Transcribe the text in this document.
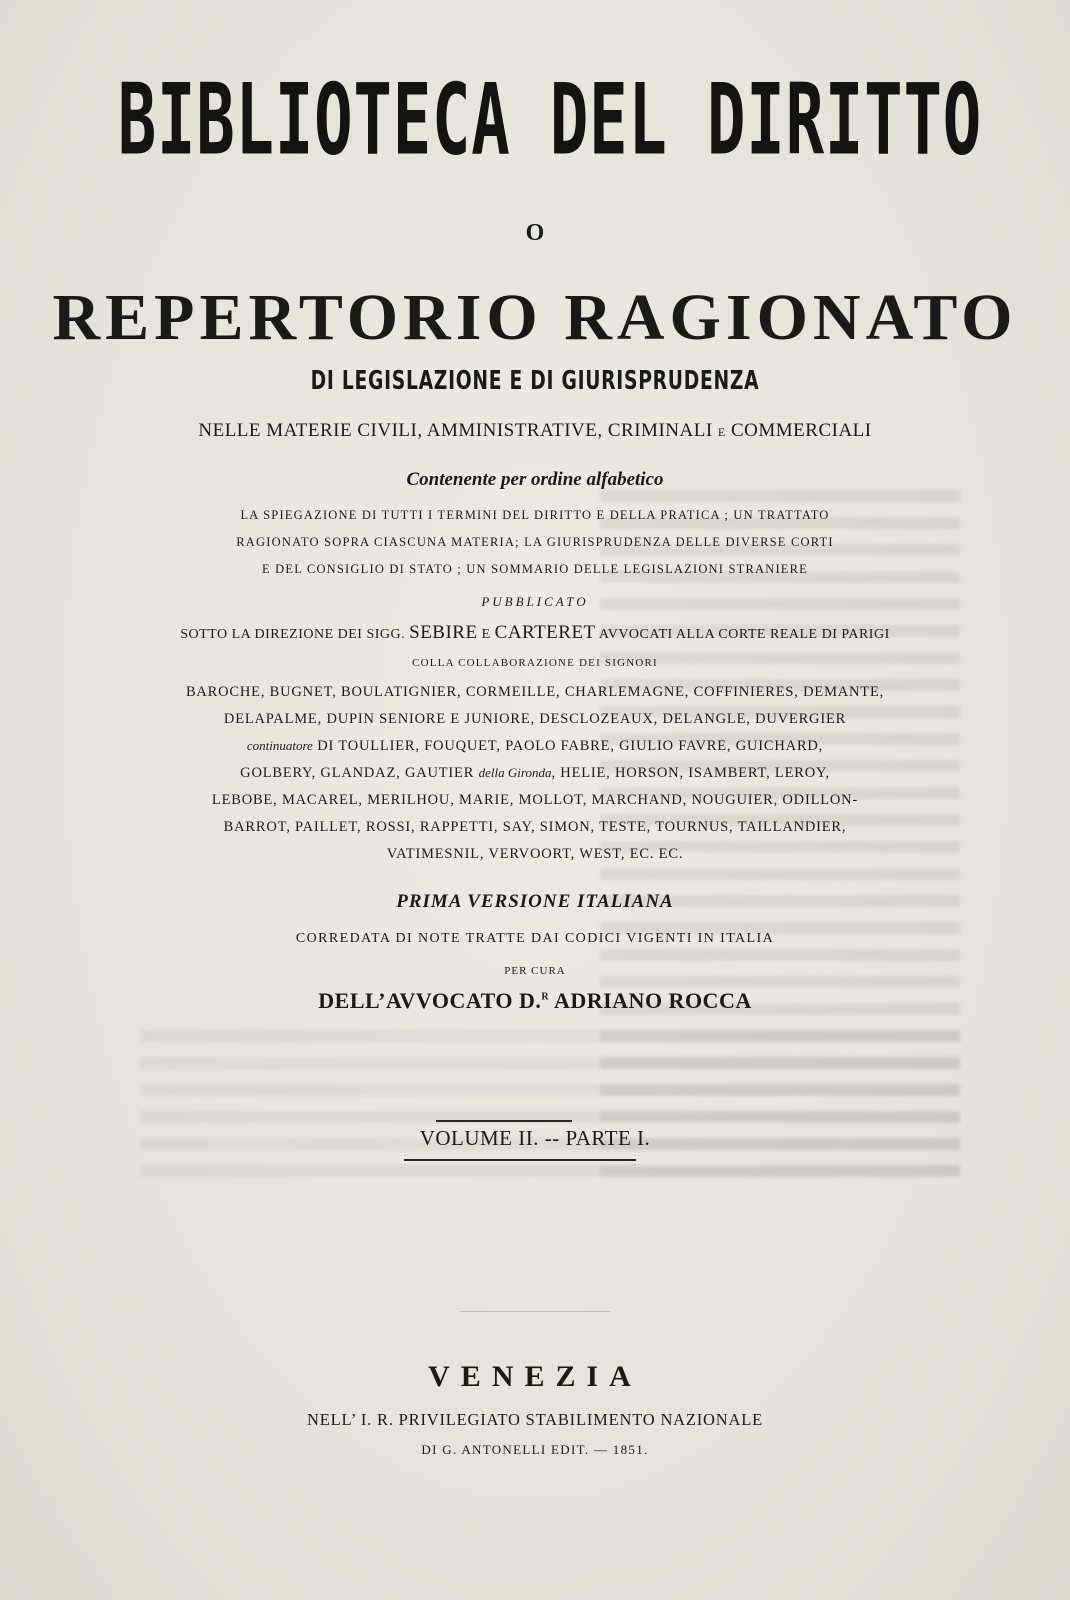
BIBLIOTECA DEL DIRITTO
O
REPERTORIO RAGIONATO
DI LEGISLAZIONE E DI GIURISPRUDENZA
NELLE MATERIE CIVILI, AMMINISTRATIVE, CRIMINALI E COMMERCIALI
Contenente per ordine alfabetico
LA SPIEGAZIONE DI TUTTI I TERMINI DEL DIRITTO E DELLA PRATICA ; UN TRATTATO
RAGIONATO SOPRA CIASCUNA MATERIA; LA GIURISPRUDENZA DELLE DIVERSE CORTI
E DEL CONSIGLIO DI STATO ; UN SOMMARIO DELLE LEGISLAZIONI STRANIERE
PUBBLICATO
SOTTO LA DIREZIONE DEI SIGG. SEBIRE E CARTERET AVVOCATI ALLA CORTE REALE DI PARIGI
COLLA COLLABORAZIONE DEI SIGNORI
BAROCHE, BUGNET, BOULATIGNIER, CORMEILLE, CHARLEMAGNE, COFFINIERES, DEMANTE,
DELAPALME, DUPIN SENIORE E JUNIORE, DESCLOZEAUX, DELANGLE, DUVERGIER
continuatore DI TOULLIER, FOUQUET, PAOLO FABRE, GIULIO FAVRE, GUICHARD,
GOLBERY, GLANDAZ, GAUTIER della Gironda, HELIE, HORSON, ISAMBERT, LEROY,
LEBOBE, MACAREL, MERILHOU, MARIE, MOLLOT, MARCHAND, NOUGUIER, ODILLON-
BARROT, PAILLET, ROSSI, RAPPETTI, SAY, SIMON, TESTE, TOURNUS, TAILLANDIER,
VATIMESNIL, VERVOORT, WEST, EC. EC.
PRIMA VERSIONE ITALIANA
CORREDATA DI NOTE TRATTE DAI CODICI VIGENTI IN ITALIA
PER CURA
DELL’AVVOCATO D.$^R$ ADRIANO ROCCA
VOLUME II. -- PARTE I.
VENEZIA
NELL’ I. R. PRIVILEGIATO STABILIMENTO NAZIONALE
DI G. ANTONELLI EDIT. — 1851.
